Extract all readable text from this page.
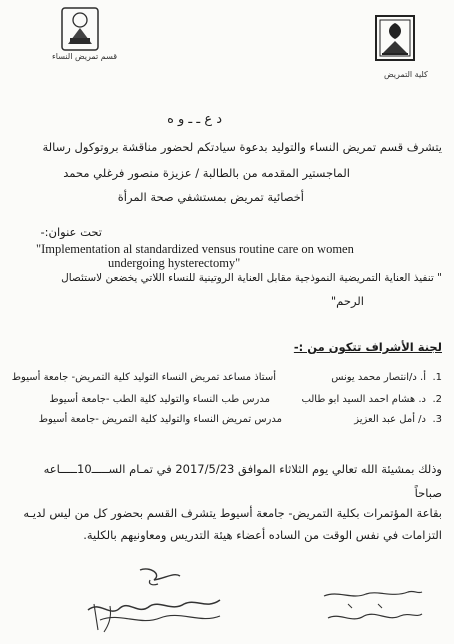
قسم تمريض النساء
كلية التمريض
د ع ـ ـ و ه
يتشرف قسم تمريض النساء والتوليد بدعوة سيادتكم لحضور مناقشة بروتوكول رسالة
الماجستير المقدمه من بالطالبة / عزيزة منصور فرغلي محمد
أخصائية تمريض بمستشفي صحة المرأة
تحت عنوان:-
"Implementation al standardized vensus routine care on women
undergoing hysterectomy"
" تنفيذ العناية التمريضية النموذجية مقابل العناية الروتينية للنساء اللاتي يخضعن لاستئصال
الرحم"
لجنة الأشراف تتكون من :-
1.
أ. د/انتصار محمد يونس
أستاذ مساعد تمريض النساء التوليد كلية التمريض- جامعة أسيوط
2.
د. هشام احمد السيد ابو طالب
مدرس طب النساء والتوليد كلية الطب -جامعة أسيوط
3.
د/ أمل عبد العزيز
مدرس تمريض النساء والتوليد كلية التمريض -جامعة أسيوط
وذلك بمشيئة الله تعالي يوم الثلاثاء الموافق 2017/5/23 في تمـام الســـــ10ـــــاعه
صباحاً
بقاعة المؤتمرات بكلية التمريض- جامعة أسيوط يتشرف القسم بحضور كل من ليس لديـه
التزامات في نفس الوقت من الساده أعضاء هيئة التدريس ومعاونيهم بالكلية.
